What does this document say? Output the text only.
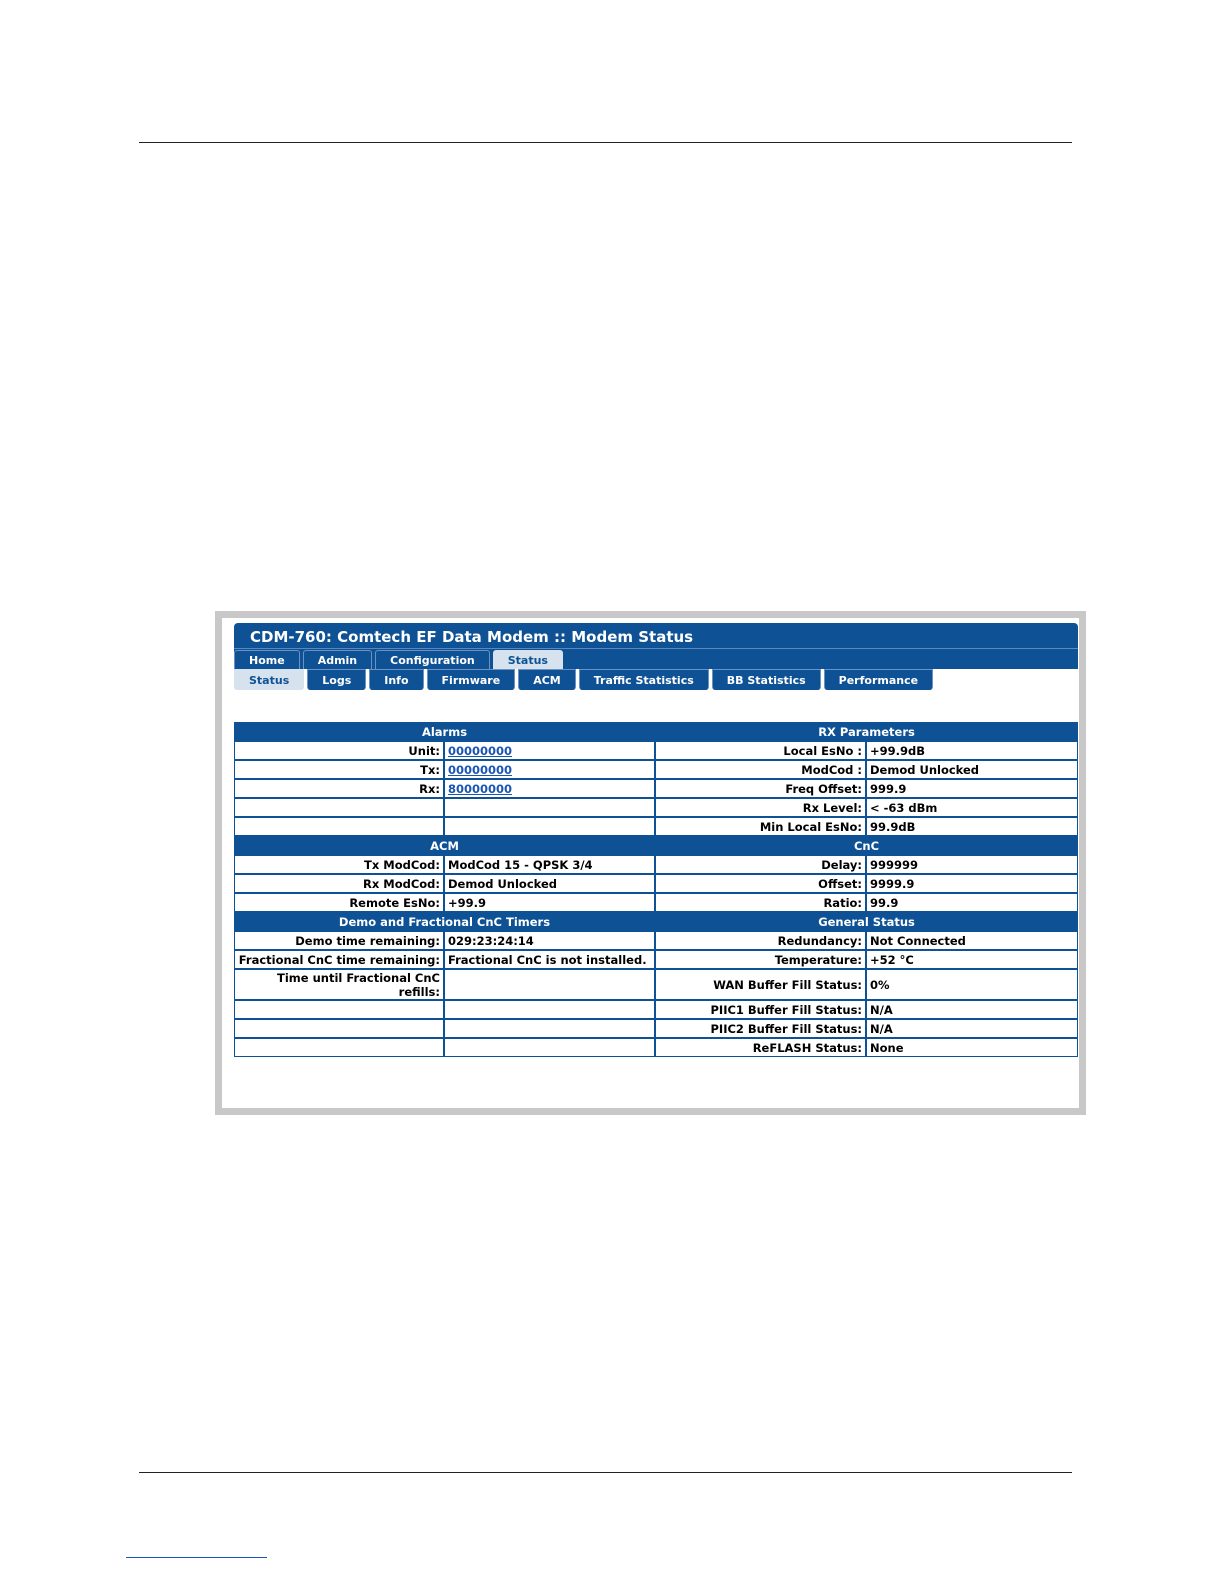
CDM-760: Comtech EF Data Modem :: Modem Status
Home	Admin	Configuration	Status
Status	Logs	Info	Firmware	ACM	Traffic Statistics	BB Statistics	Performance
Alarms		RX Parameters	
Unit:	00000000	Local EsNo :	+99.9dB
Tx:	00000000	ModCod :	Demod Unlocked
Rx:	80000000	Freq Offset:	999.9
		Rx Level:	< -63 dBm
		Min Local EsNo:	99.9dB
ACM		CnC	
Tx ModCod:	ModCod 15 - QPSK 3/4	Delay:	999999
Rx ModCod:	Demod Unlocked	Offset:	9999.9
Remote EsNo:	+99.9	Ratio:	99.9
Demo and Fractional CnC Timers		General Status	
Demo time remaining:	029:23:24:14	Redundancy:	Not Connected
Fractional CnC time remaining:	Fractional CnC is not installed.	Temperature:	+52 °C
Time until Fractional CnC refills:		WAN Buffer Fill Status:	0%
		PIIC1 Buffer Fill Status:	N/A
		PIIC2 Buffer Fill Status:	N/A
		ReFLASH Status:	None
